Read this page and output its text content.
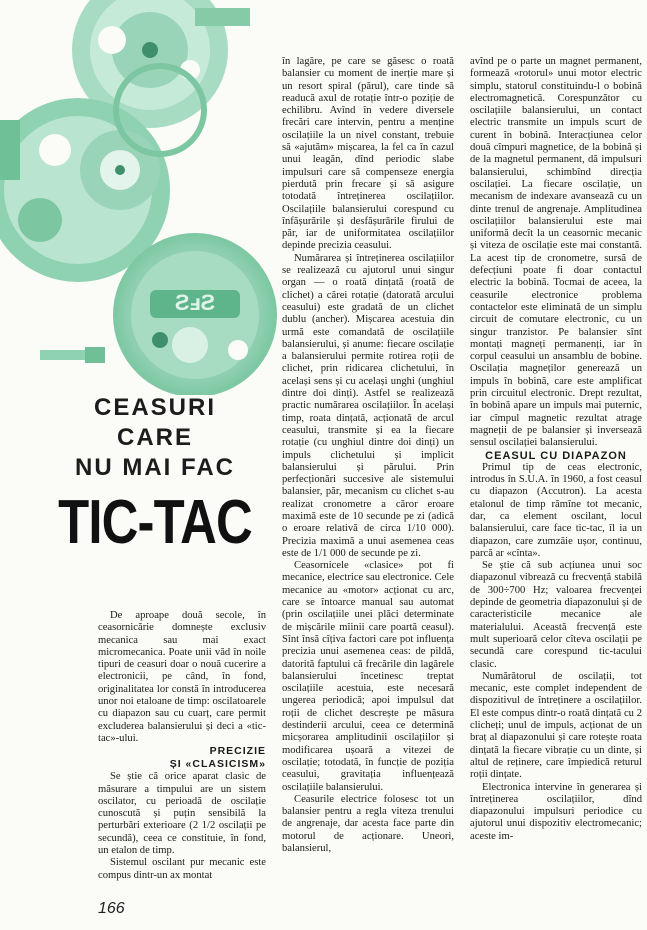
ƧⅎƧ
CEASURI
CARE
NU MAI FAC
TIC-TAC

De aproape două secole, în ceasornicărie domnește exclusiv mecanica sau mai exact micromecanica. Poate unii văd în noile tipuri de ceasuri doar o nouă cucerire a electronicii, pe când, în fond, originalitatea lor constă în introducerea unor noi etaloane de timp: oscilatoarele cu diapazon sau cu cuarț, care permit excluderea balansierului și deci a «tic-tac»-ului.

PRECIZIE
ȘI «CLASICISM»

Se știe că orice aparat clasic de măsurare a timpului are un sistem oscilator, cu perioadă de oscilație cunoscută și puțin sensibilă la perturbări exterioare (2 1/2 oscilații pe secundă), ceea ce constituie, în fond, un etalon de timp.

Sistemul oscilant pur mecanic este compus dintr-un ax montat

în lagăre, pe care se găsesc o roată balansier cu moment de inerție mare și un resort spiral (părul), care tinde să readucă axul de rotație într-o poziție de echilibru. Avînd în vedere diversele frecări care intervin, pentru a menține oscilațiile la un nivel constant, trebuie să «ajutăm» mișcarea, la fel ca în cazul unui leagăn, dînd periodic slabe impulsuri care să compenseze energia pierdută prin frecare și să asigure totodată întreținerea oscilațiilor. Oscilațiile balansierului corespund cu înfășurările și desfășurările firului de păr, iar de uniformitatea oscilațiilor depinde precizia ceasului.

Numărarea și întreținerea oscilațiilor se realizează cu ajutorul unui singur organ — o roată dințată (roată de clichet) a cărei rotație (datorată arcului ceasului) este gradată de un clichet dublu (ancher). Mișcarea acestuia din urmă este comandată de oscilațiile balansierului, și anume: fiecare oscilație a balansierului permite rotirea roții de clichet, prin ridicarea clichetului, în același sens și cu același unghi (unghiul dintre doi dinți). Astfel se realizează practic numărarea oscilațiilor. În același timp, roata dințată, acționată de arcul ceasului, transmite și ea la fiecare rotație (cu unghiul dintre doi dinți) un impuls clichetului și implicit balansierului și părului. Prin perfecționări succesive ale sistemului balansier, păr, mecanism cu clichet s-au realizat cronometre a căror eroare maximă este de 10 secunde pe zi (adică o eroare relativă de circa 1/10 000). Precizia maximă a unui asemenea ceas este de 1/1 000 de secunde pe zi.

Ceasornicele «clasice» pot fi mecanice, electrice sau electronice. Cele mecanice au «motor» acționat cu arc, care se întoarce manual sau automat (prin oscilațiile unei plăci determinate de mișcările mîinii care poartă ceasul). Sînt însă cîțiva factori care pot influența precizia unui asemenea ceas: de pildă, datorită faptului că frecările din lagărele balansierului încetinesc treptat oscilațiile acestuia, este necesară ungerea periodică; apoi impulsul dat roții de clichet descrește pe măsura destinderii arcului, ceea ce determină micșorarea amplitudinii oscilațiilor și modificarea ușoară a vitezei de oscilație; totodată, în funcție de poziția ceasului, gravitația influențează oscilațiile balansierului.

Ceasurile electrice folosesc tot un balansier pentru a regla viteza trenului de angrenaje, dar acesta face parte din motorul de acționare. Uneori, balansierul,

avînd pe o parte un magnet permanent, formează «rotorul» unui motor electric simplu, statorul constituindu-l o bobină electromagnetică. Corespunzător cu oscilațiile balansierului, un contact electric transmite un impuls scurt de curent în bobină. Interacțiunea celor două cîmpuri magnetice, de la bobină și de la magnetul permanent, dă impulsuri balansierului, schimbînd direcția oscilației. La fiecare oscilație, un mecanism de indexare avansează cu un dinte trenul de angrenaje. Amplitudinea oscilațiilor balansierului este mai uniformă decît la un ceasornic mecanic și viteza de oscilație este mai constantă. La acest tip de cronometre, sursă de defecțiuni poate fi doar contactul electric la bobină. Tocmai de aceea, la ceasurile electronice problema contactelor este eliminată de un simplu circuit de comutare electronic, cu un singur tranzistor. Pe balansier sînt montați magneți permanenți, iar în corpul ceasului un ansamblu de bobine. Oscilația magneților generează un impuls în bobină, care este amplificat prin circuitul electronic. Drept rezultat, în bobină apare un impuls mai puternic, iar cîmpul magnetic rezultat atrage magneții de pe balansier și inversează sensul oscilației balansierului.

CEASUL CU DIAPAZON

Primul tip de ceas electronic, introdus în S.U.A. în 1960, a fost ceasul cu diapazon (Accutron). La acesta etalonul de timp rămîne tot mecanic, dar, ca element oscilant, locul balansierului, care face tic-tac, îl ia un diapazon, care zumzăie ușor, continuu, parcă ar «cînta».

Se știe că sub acțiunea unui soc diapazonul vibrează cu frecvență stabilă de 300÷700 Hz; valoarea frecvenței depinde de geometria diapazonului și de caracteristicile mecanice ale materialului. Această frecvență este mult superioară celor cîteva oscilații pe secundă care corespund tic-tacului clasic.

Numărătorul de oscilații, tot mecanic, este complet independent de dispozitivul de întreținere a oscilațiilor. El este compus dintr-o roată dințată cu 2 clicheți; unul de impuls, acționat de un braț al diapazonului și care rotește roata dințată la fiecare vibrație cu un dinte, și altul de reținere, care împiedică returul roții dințate.

Electronica intervine în generarea și întreținerea oscilațiilor, dînd diapazonului impulsuri periodice cu ajutorul unui dispozitiv electromecanic; aceste im-

166
